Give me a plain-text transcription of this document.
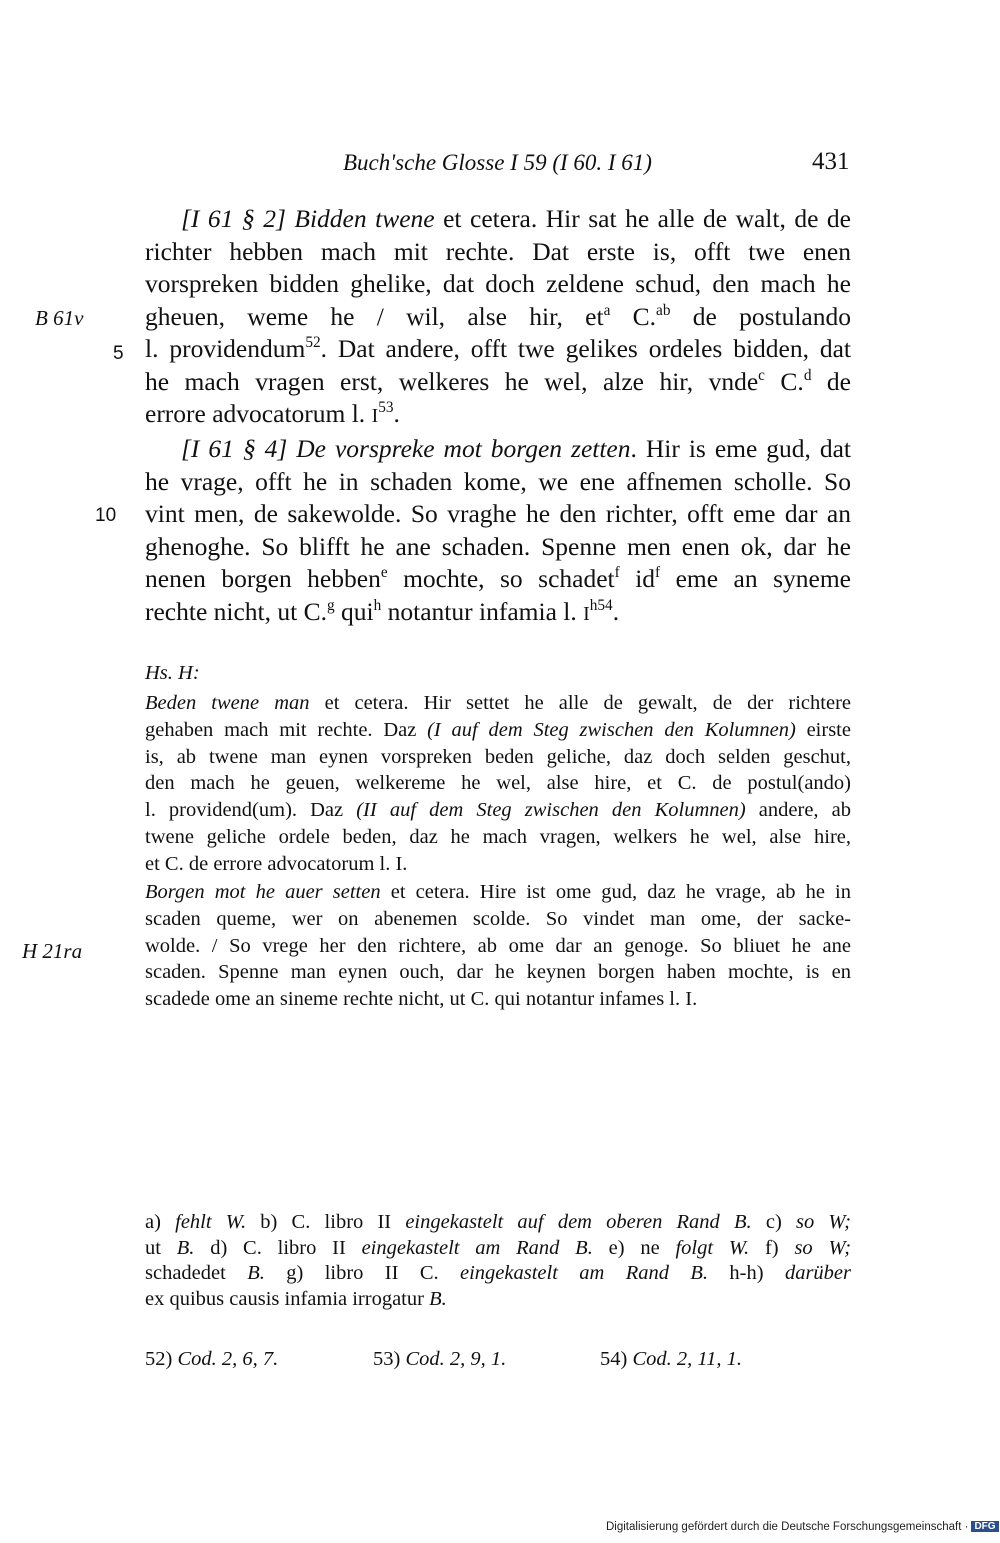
Buch'sche Glosse I 59 (I 60. I 61)	431
B 61v
H 21ra
5
10
[I 61 § 2] Bidden twene et cetera. Hir sat he alle de walt, de de
richter hebben mach mit rechte. Dat erste is, offt twe enen
vorspreken bidden ghelike, dat doch zeldene schud, den mach he
gheuen, weme he / wil, alse hir, $et^a$ C.$^{ab}$ de postulando
l. providendum$^{52}$. Dat andere, offt twe gelikes ordeles bidden, dat
he mach vragen erst, welkeres he wel, alze hir, vnde$^c$ C.$^d$ de
errore advocatorum l. $I^{53}$.
[I 61 § 4] De vorspreke mot borgen zetten. Hir is eme gud, dat
he vrage, offt he in schaden kome, we ene affnemen scholle. So
vint men, de sakewolde. So vraghe he den richter, offt eme dar an
ghenoghe. So blifft he ane schaden. Spenne men enen ok, dar he
nenen borgen hebben$^e$ mochte, so schadet$^f$ $id^f$ eme an syneme
rechte nicht, ut C.$^g$ qui$^h$ notantur infamia l. $I^{h54}$.
Hs. H:
Beden twene man et cetera. Hir settet he alle de gewalt, de der richtere
gehaben mach mit rechte. Daz (I auf dem Steg zwischen den Kolumnen) eirste
is, ab twene man eynen vorspreken beden geliche, daz doch selden geschut,
den mach he geuen, welkereme he wel, alse hire, et C. de postul(ando)
l. providend(um). Daz (II auf dem Steg zwischen den Kolumnen) andere, ab
twene geliche ordele beden, daz he mach vragen, welkers he wel, alse hire,
et C. de errore advocatorum l. I.
Borgen mot he auer setten et cetera. Hire ist ome gud, daz he vrage, ab he in
scaden queme, wer on abenemen scolde. So vindet man ome, der sacke-
wolde. / So vrege her den richtere, ab ome dar an genoge. So bliuet he ane
scaden. Spenne man eynen ouch, dar he keynen borgen haben mochte, is en
scadede ome an sineme rechte nicht, ut C. qui notantur infames l. I.
a) fehlt W. b) C. libro II eingekastelt auf dem oberen Rand B. c) so W;
ut B. d) C. libro II eingekastelt am Rand B. e) ne folgt W. f) so W;
schadedet B. g) libro II C. eingekastelt am Rand B. h-h) darüber
ex quibus causis infamia irrogatur B.
52) Cod. 2, 6, 7.	53) Cod. 2, 9, 1.	54) Cod. 2, 11, 1.
Digitalisierung gefördert durch die Deutsche Forschungsgemeinschaft · DFG
